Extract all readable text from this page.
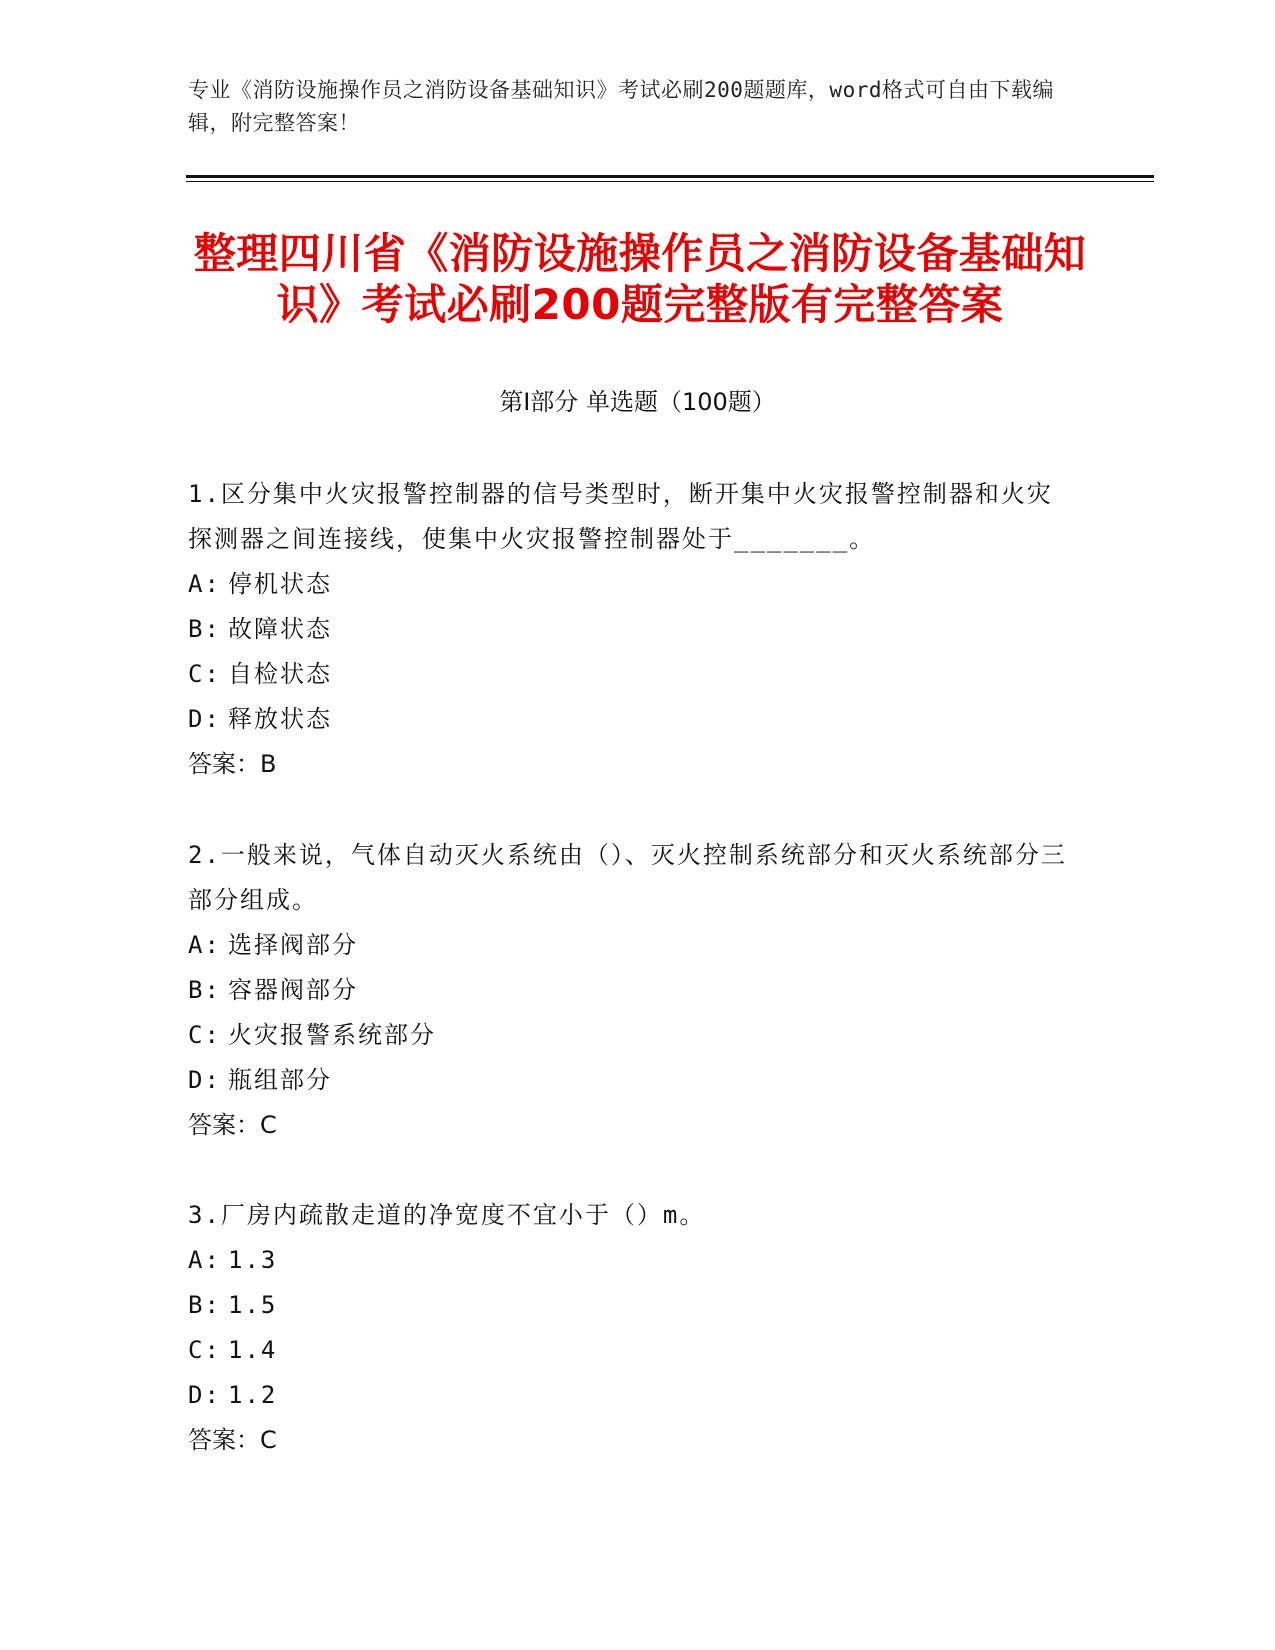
专业《消防设施操作员之消防设备基础知识》考试必刷200题题库，word格式可自由下载编辑，附完整答案！
整理四川省《消防设施操作员之消防设备基础知识》考试必刷200题完整版有完整答案
第Ⅰ部分 单选题（100题）
1.区分集中火灾报警控制器的信号类型时，断开集中火灾报警控制器和火灾探测器之间连接线，使集中火灾报警控制器处于_______。
A: 停机状态
B: 故障状态
C: 自检状态
D: 释放状态
答案：B
2.一般来说，气体自动灭火系统由（）、灭火控制系统部分和灭火系统部分三部分组成。
A: 选择阀部分
B: 容器阀部分
C: 火灾报警系统部分
D: 瓶组部分
答案：C
3.厂房内疏散走道的净宽度不宜小于（）m。
A: 1.3
B: 1.5
C: 1.4
D: 1.2
答案：C
